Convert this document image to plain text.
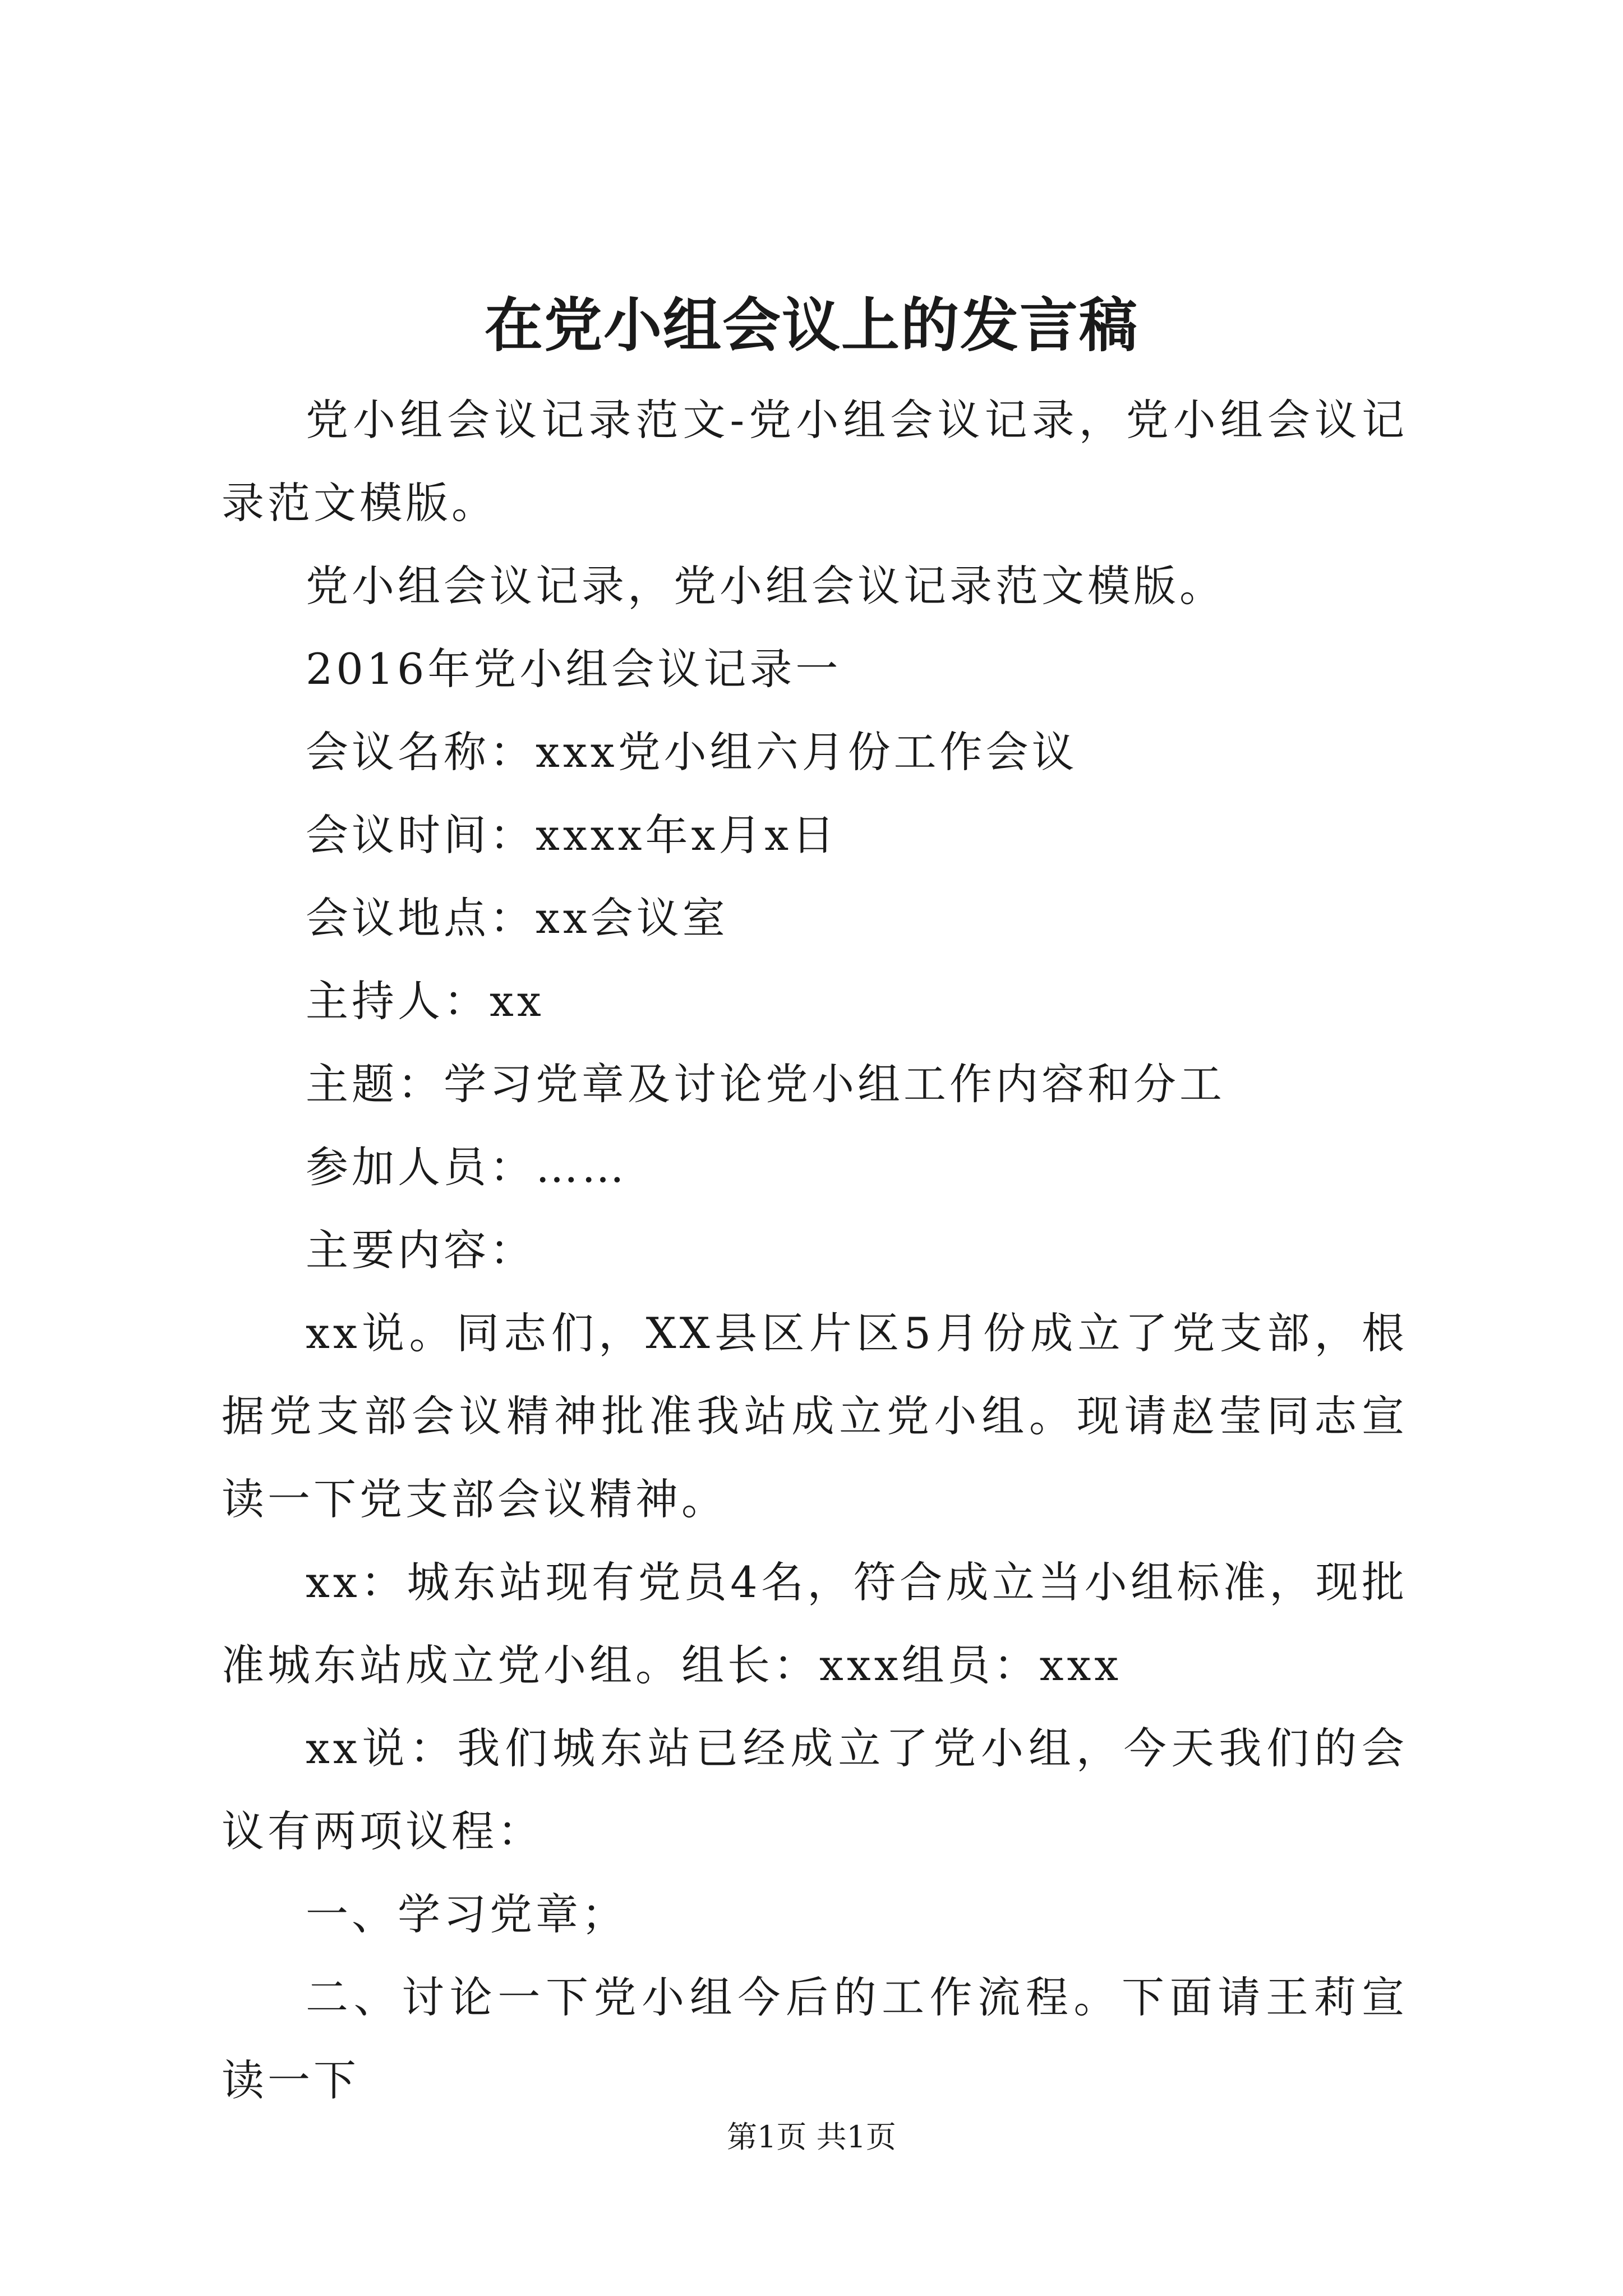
在党小组会议上的发言稿

党小组会议记录范文-党小组会议记录，党小组会议记录范文模版。

党小组会议记录，党小组会议记录范文模版。

2016年党小组会议记录一

会议名称：xxx党小组六月份工作会议

会议时间：xxxx年x月x日

会议地点：xx会议室

主持人：xx

主题：学习党章及讨论党小组工作内容和分工

参加人员：……

主要内容：

xx说。同志们，XX县区片区5月份成立了党支部，根据党支部会议精神批准我站成立党小组。现请赵莹同志宣读一下党支部会议精神。

xx：城东站现有党员4名，符合成立当小组标准，现批准城东站成立党小组。组长：xxx组员：xxx

xx说：我们城东站已经成立了党小组，今天我们的会议有两项议程：

一、学习党章；

二、讨论一下党小组今后的工作流程。下面请王莉宣读一下

第1页 共1页
